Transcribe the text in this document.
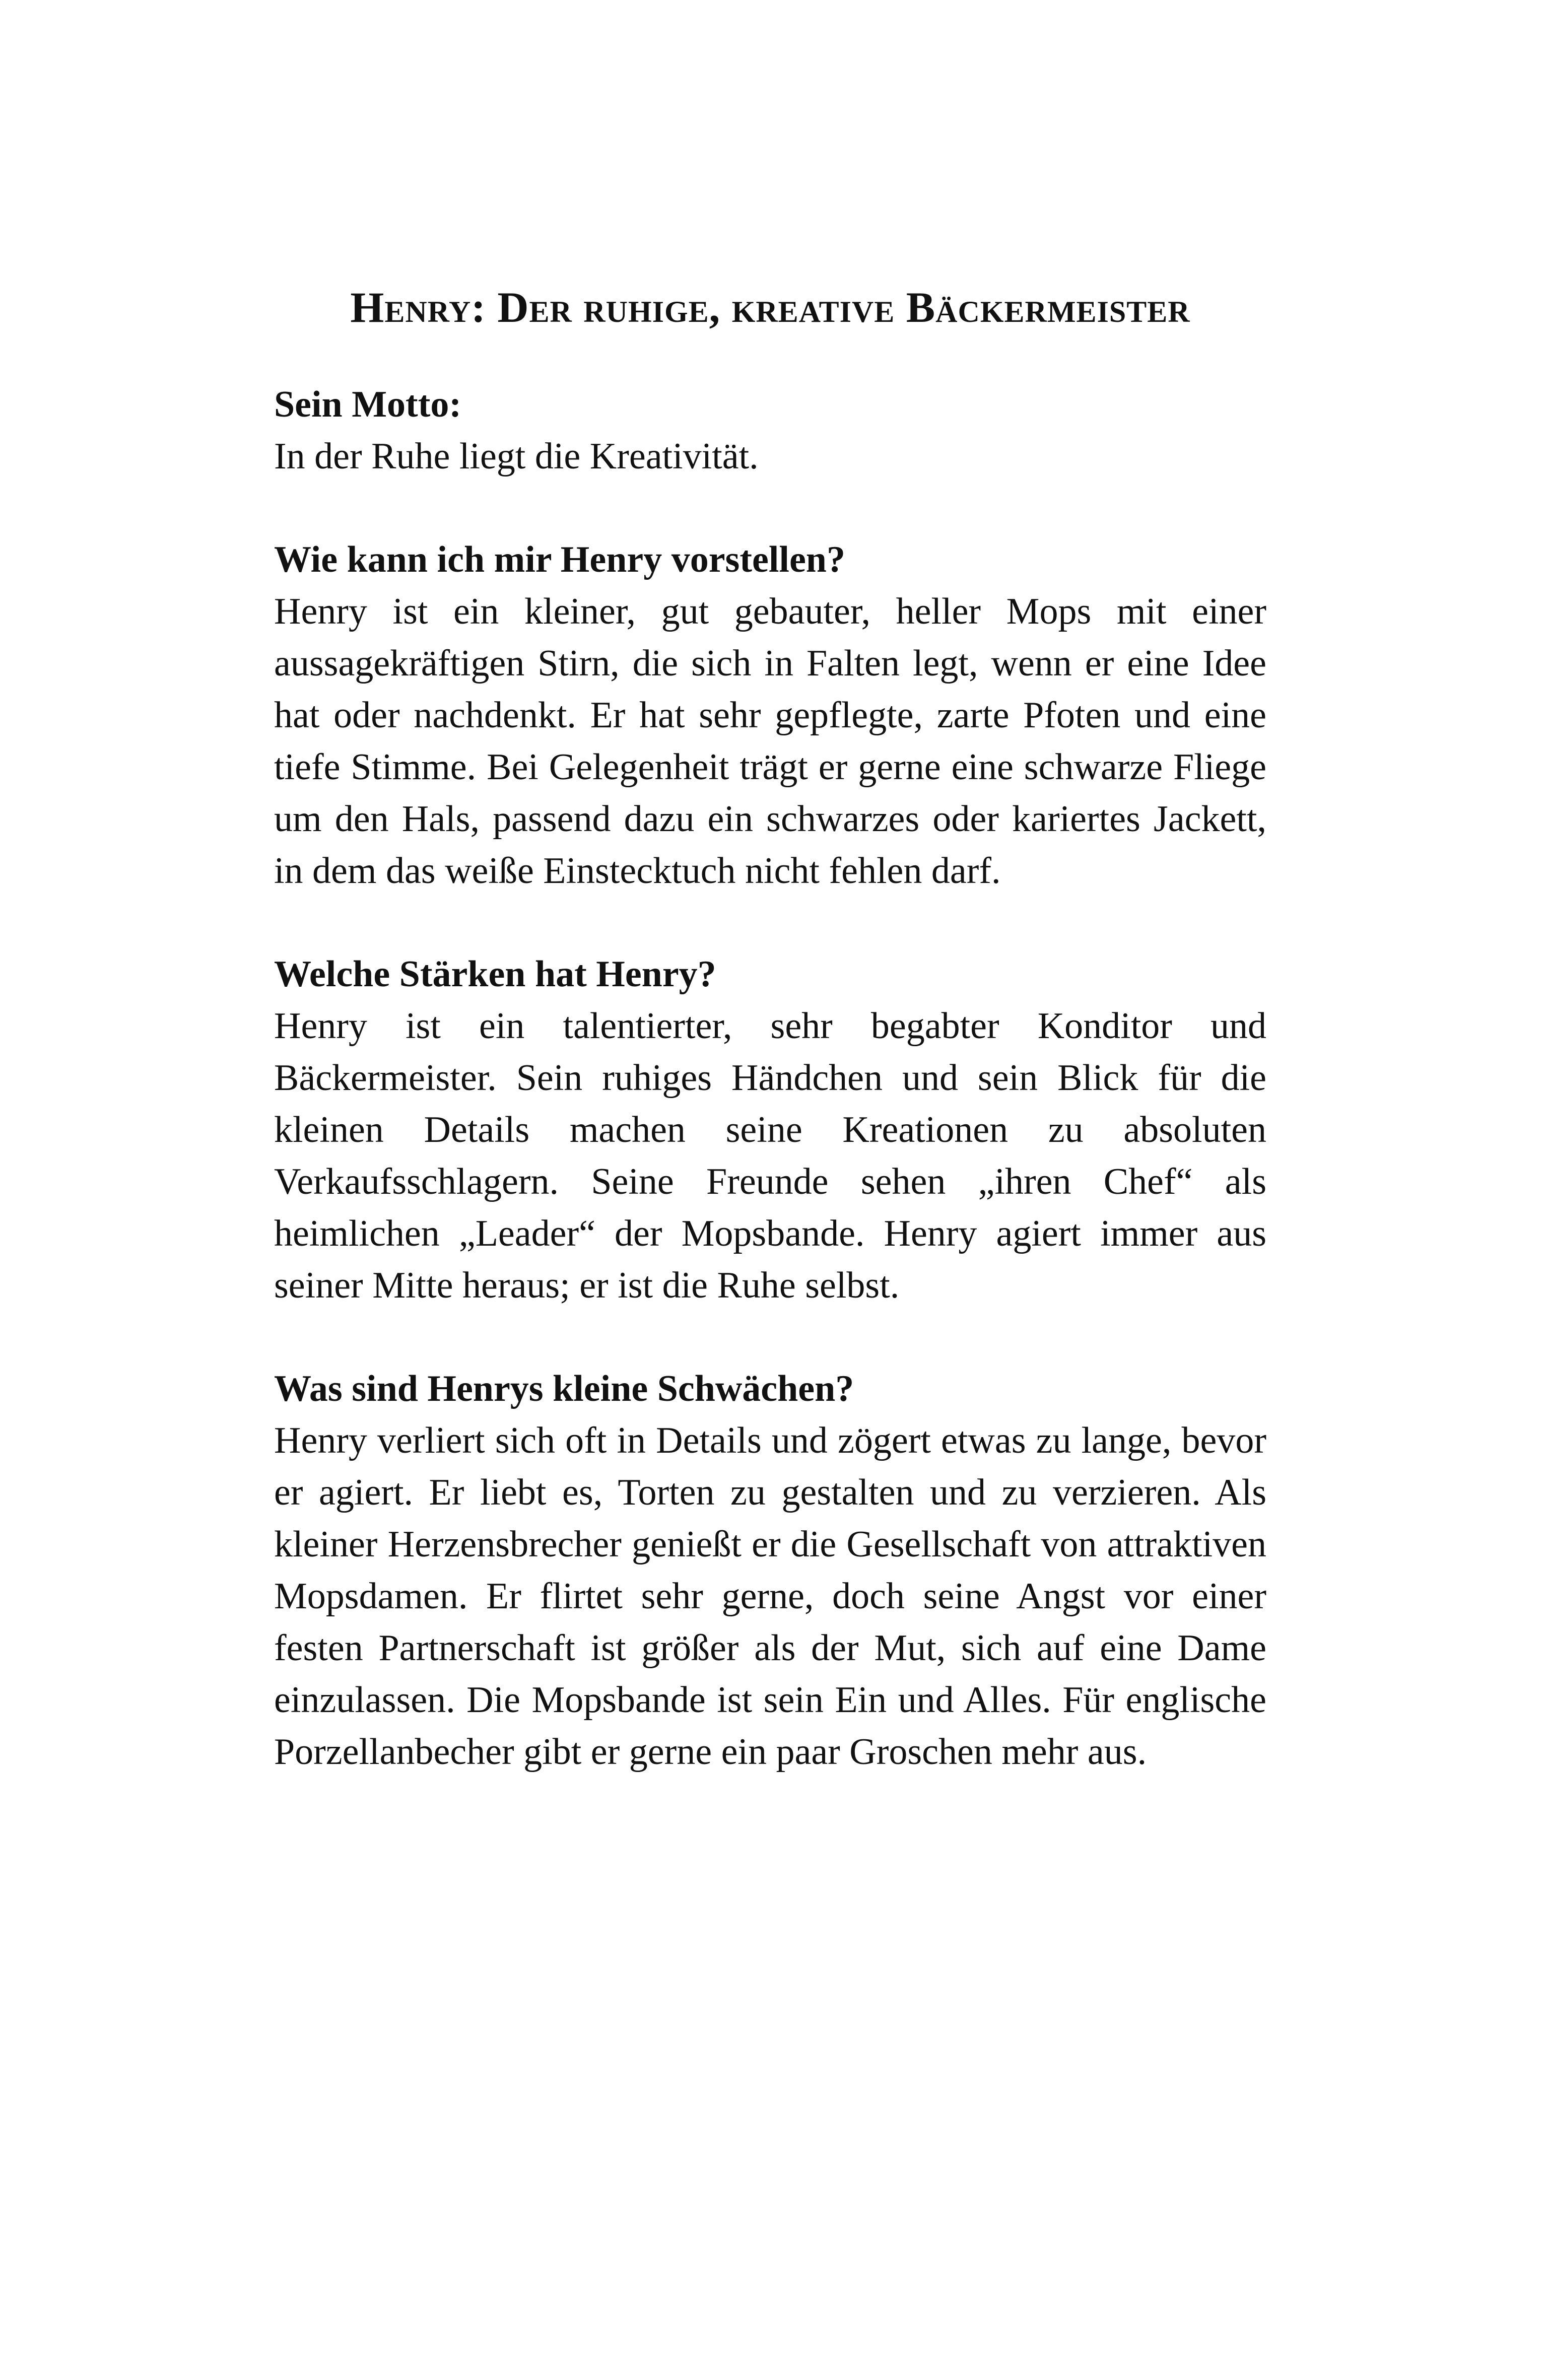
Henry: Der ruhige, kreative Bäckermeister

Sein Motto:

In der Ruhe liegt die Kreativität.

Wie kann ich mir Henry vorstellen?

Henry ist ein kleiner, gut gebauter, heller Mops mit einer aussagekräftigen Stirn, die sich in Falten legt, wenn er eine Idee hat oder nachdenkt. Er hat sehr gepflegte, zarte Pfoten und eine tiefe Stimme. Bei Gelegenheit trägt er gerne eine schwarze Fliege um den Hals, passend dazu ein schwarzes oder kariertes Jackett, in dem das weiße Einstecktuch nicht fehlen darf.

Welche Stärken hat Henry?

Henry ist ein talentierter, sehr begabter Konditor und Bäckermeister. Sein ruhiges Händchen und sein Blick für die kleinen Details machen seine Kreationen zu absoluten Verkaufsschlagern. Seine Freunde sehen „ihren Chef“ als heimlichen „Leader“ der Mopsbande. Henry agiert immer aus seiner Mitte heraus; er ist die Ruhe selbst.

Was sind Henrys kleine Schwächen?

Henry verliert sich oft in Details und zögert etwas zu lange, bevor er agiert. Er liebt es, Torten zu gestalten und zu verzieren. Als kleiner Herzensbrecher genießt er die Gesellschaft von attraktiven Mopsdamen. Er flirtet sehr gerne, doch seine Angst vor einer festen Partnerschaft ist größer als der Mut, sich auf eine Dame einzulassen. Die Mopsbande ist sein Ein und Alles. Für englische Porzellanbecher gibt er gerne ein paar Groschen mehr aus.
